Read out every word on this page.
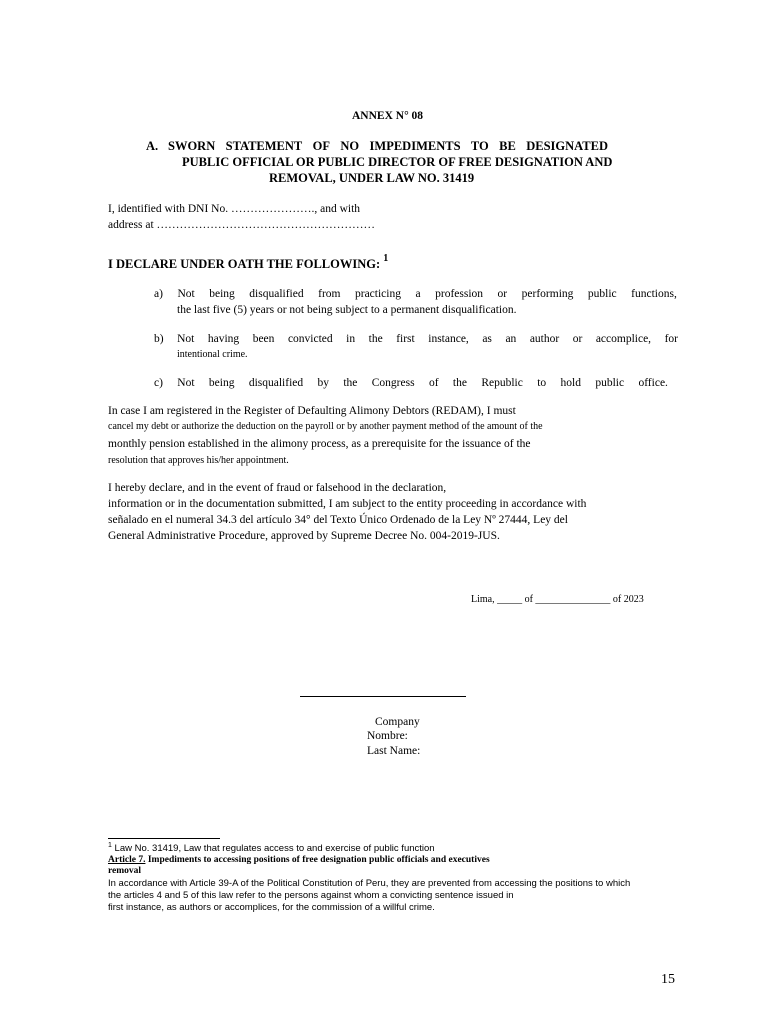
ANNEX N° 08
A. SWORN STATEMENT OF NO IMPEDIMENTS TO BE DESIGNATED
PUBLIC OFFICIAL OR PUBLIC DIRECTOR OF FREE DESIGNATION AND
REMOVAL, UNDER LAW NO. 31419
I, identified with DNI No. …………………., and with
address at …………………………………………………
I DECLARE UNDER OATH THE FOLLOWING: $^1$
a) Not being disqualified from practicing a profession or performing public functions,
the last five (5) years or not being subject to a permanent disqualification.
b) Not having been convicted in the first instance, as an author or accomplice, for
intentional crime.
c) Not being disqualified by the Congress of the Republic to hold public office.
In case I am registered in the Register of Defaulting Alimony Debtors (REDAM), I must
cancel my debt or authorize the deduction on the payroll or by another payment method of the amount of the
monthly pension established in the alimony process, as a prerequisite for the issuance of the
resolution that approves his/her appointment.
I hereby declare, and in the event of fraud or falsehood in the declaration,
information or in the documentation submitted, I am subject to the entity proceeding in accordance with
señalado en el numeral 34.3 del artículo 34° del Texto Único Ordenado de la Ley Nº 27444, Ley del
General Administrative Procedure, approved by Supreme Decree No. 004-2019-JUS.
Lima, _____ of _______________ of 2023
Company
Nombre:
Last Name:
$^1$ Law No. 31419, Law that regulates access to and exercise of public function
Article 7. Impediments to accessing positions of free designation public officials and executives
removal
In accordance with Article 39-A of the Political Constitution of Peru, they are prevented from accessing the positions to which
the articles 4 and 5 of this law refer to the persons against whom a convicting sentence issued in
first instance, as authors or accomplices, for the commission of a willful crime.
15
